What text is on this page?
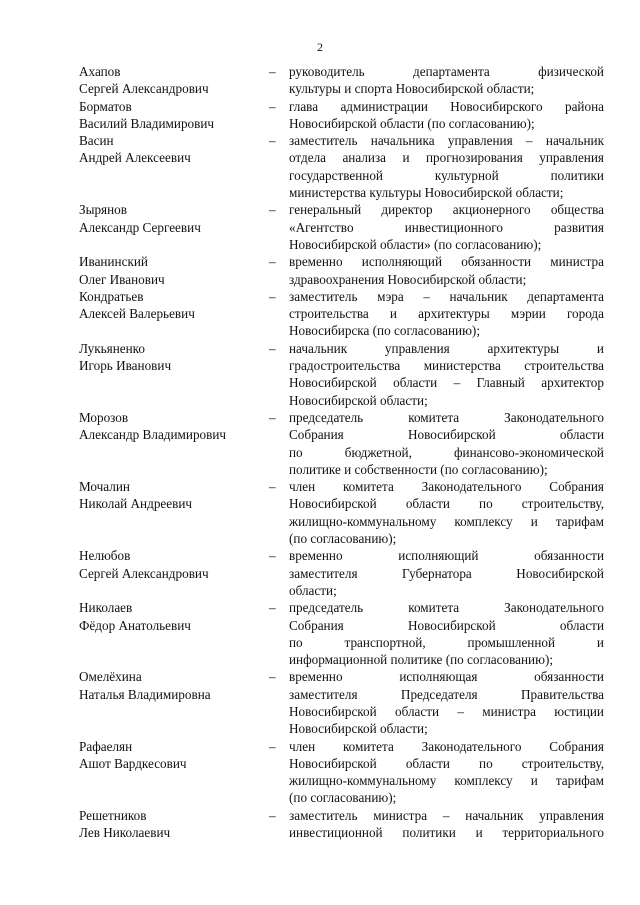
2
Ахапов
Сергей Александрович
–	руководитель департамента физической
культуры и спорта Новосибирской области;
Борматов
Василий Владимирович
–	глава администрации Новосибирского района
Новосибирской области (по согласованию);
Васин
Андрей Алексеевич
–	заместитель начальника управления – начальник
отдела анализа и прогнозирования управления
государственной культурной политики
министерства культуры Новосибирской области;
Зырянов
Александр Сергеевич
–	генеральный директор акционерного общества
«Агентство инвестиционного развития
Новосибирской области» (по согласованию);
Иванинский
Олег Иванович
–	временно исполняющий обязанности министра
здравоохранения Новосибирской области;
Кондратьев
Алексей Валерьевич
–	заместитель мэра – начальник департамента
строительства и архитектуры мэрии города
Новосибирска (по согласованию);
Лукьяненко
Игорь Иванович
–	начальник управления архитектуры и
градостроительства министерства строительства
Новосибирской области – Главный архитектор
Новосибирской области;
Морозов
Александр Владимирович
–	председатель комитета Законодательного
Собрания Новосибирской области
по бюджетной, финансово-экономической
политике и собственности (по согласованию);
Мочалин
Николай Андреевич
–	член комитета Законодательного Собрания
Новосибирской области по строительству,
жилищно-коммунальному комплексу и тарифам
(по согласованию);
Нелюбов
Сергей Александрович
–	временно исполняющий обязанности
заместителя Губернатора Новосибирской
области;
Николаев
Фёдор Анатольевич
–	председатель комитета Законодательного
Собрания Новосибирской области
по транспортной, промышленной и
информационной политике (по согласованию);
Омелёхина
Наталья Владимировна
–	временно исполняющая обязанности
заместителя Председателя Правительства
Новосибирской области – министра юстиции
Новосибирской области;
Рафаелян
Ашот Вардкесович
–	член комитета Законодательного Собрания
Новосибирской области по строительству,
жилищно-коммунальному комплексу и тарифам
(по согласованию);
Решетников
Лев Николаевич
–	заместитель министра – начальник управления
инвестиционной политики и территориального
